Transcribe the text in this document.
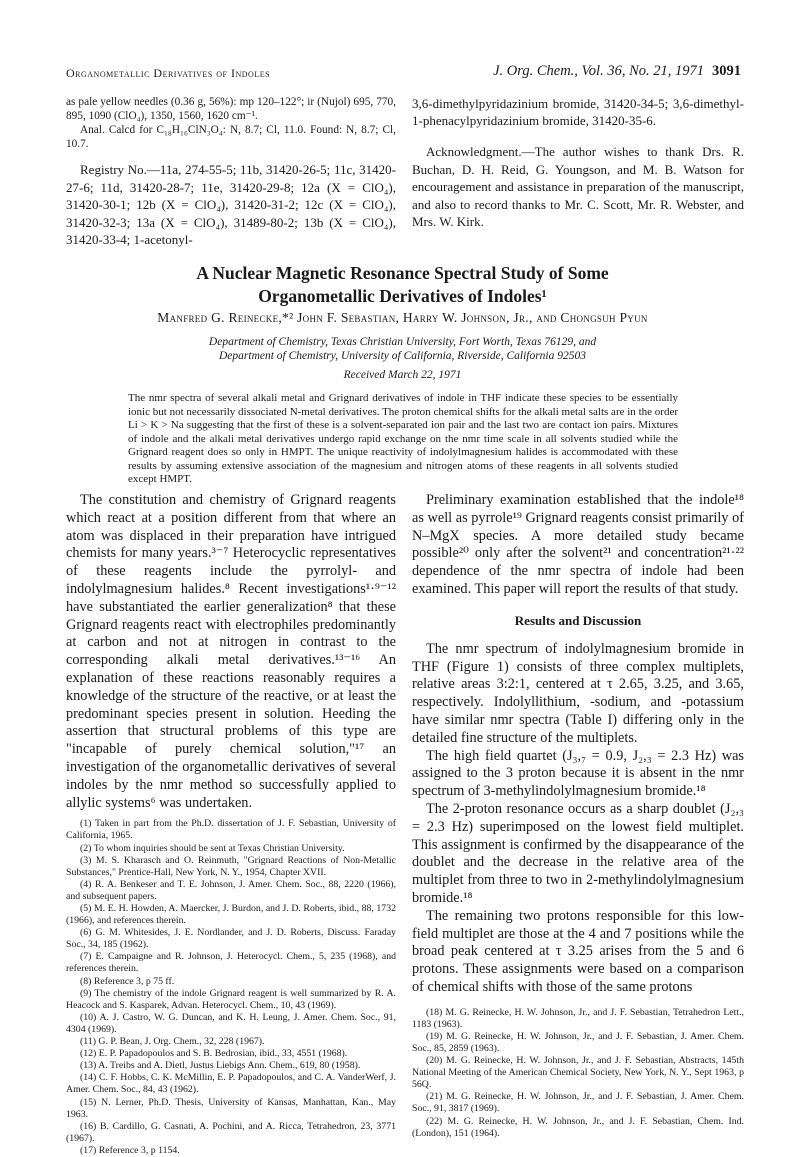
Organometallic Derivatives of Indoles	J. Org. Chem., Vol. 36, No. 21, 1971 3091

as pale yellow needles (0.36 g, 56%): mp 120–122°; ir (Nujol) 695, 770, 895, 1090 (ClO₄), 1350, 1560, 1620 cm⁻¹.

Anal. Calcd for C₁₈H₁₆ClN₃O₄: N, 8.7; Cl, 11.0. Found: N, 8.7; Cl, 10.7.

Registry No.—11a, 274-55-5; 11b, 31420-26-5; 11c, 31420-27-6; 11d, 31420-28-7; 11e, 31420-29-8; 12a (X = ClO₄), 31420-30-1; 12b (X = ClO₄), 31420-31-2; 12c (X = ClO₄), 31420-32-3; 13a (X = ClO₄), 31489-80-2; 13b (X = ClO₄), 31420-33-4; 1-acetonyl-

3,6-dimethylpyridazinium bromide, 31420-34-5; 3,6-dimethyl-1-phenacylpyridazinium bromide, 31420-35-6.

Acknowledgment.—The author wishes to thank Drs. R. Buchan, D. H. Reid, G. Youngson, and M. B. Watson for encouragement and assistance in preparation of the manuscript, and also to record thanks to Mr. C. Scott, Mr. R. Webster, and Mrs. W. Kirk.

A Nuclear Magnetic Resonance Spectral Study of Some
Organometallic Derivatives of Indoles¹
Manfred G. Reinecke,*² John F. Sebastian, Harry W. Johnson, Jr., and Chongsuh Pyun
Department of Chemistry, Texas Christian University, Fort Worth, Texas 76129, and
Department of Chemistry, University of California, Riverside, California 92503
Received March 22, 1971
The nmr spectra of several alkali metal and Grignard derivatives of indole in THF indicate these species to be essentially ionic but not necessarily dissociated N-metal derivatives. The proton chemical shifts for the alkali metal salts are in the order Li > K > Na suggesting that the first of these is a solvent-separated ion pair and the last two are contact ion pairs. Mixtures of indole and the alkali metal derivatives undergo rapid exchange on the nmr time scale in all solvents studied while the Grignard reagent does so only in HMPT. The unique reactivity of indolylmagnesium halides is accommodated with these results by assuming extensive association of the magnesium and nitrogen atoms of these reagents in all solvents studied except HMPT.

The constitution and chemistry of Grignard reagents which react at a position different from that where an atom was displaced in their preparation have intrigued chemists for many years.³⁻⁷ Heterocyclic representatives of these reagents include the pyrrolyl- and indolylmagnesium halides.⁸ Recent investigations¹·⁹⁻¹² have substantiated the earlier generalization⁸ that these Grignard reagents react with electrophiles predominantly at carbon and not at nitrogen in contrast to the corresponding alkali metal derivatives.¹³⁻¹⁶ An explanation of these reactions reasonably requires a knowledge of the structure of the reactive, or at least the predominant species present in solution. Heeding the assertion that structural problems of this type are "incapable of purely chemical solution,"¹⁷ an investigation of the organometallic derivatives of several indoles by the nmr method so successfully applied to allylic systems⁶ was undertaken.

(1) Taken in part from the Ph.D. dissertation of J. F. Sebastian, University of California, 1965.

(2) To whom inquiries should be sent at Texas Christian University.

(3) M. S. Kharasch and O. Reinmuth, "Grignard Reactions of Non-Metallic Substances," Prentice-Hall, New York, N. Y., 1954, Chapter XVII.

(4) R. A. Benkeser and T. E. Johnson, J. Amer. Chem. Soc., 88, 2220 (1966), and subsequent papers.

(5) M. E. H. Howden, A. Maercker, J. Burdon, and J. D. Roberts, ibid., 88, 1732 (1966), and references therein.

(6) G. M. Whitesides, J. E. Nordlander, and J. D. Roberts, Discuss. Faraday Soc., 34, 185 (1962).

(7) E. Campaigne and R. Johnson, J. Heterocycl. Chem., 5, 235 (1968), and references therein.

(8) Reference 3, p 75 ff.

(9) The chemistry of the indole Grignard reagent is well summarized by R. A. Heacock and S. Kasparek, Advan. Heterocycl. Chem., 10, 43 (1969).

(10) A. J. Castro, W. G. Duncan, and K. H. Leung, J. Amer. Chem. Soc., 91, 4304 (1969).

(11) G. P. Bean, J. Org. Chem., 32, 228 (1967).

(12) E. P. Papadopoulos and S. B. Bedrosian, ibid., 33, 4551 (1968).

(13) A. Treibs and A. Dietl, Justus Liebigs Ann. Chem., 619, 80 (1958).

(14) C. F. Hobbs, C. K. McMillin, E. P. Papadopoulos, and C. A. VanderWerf, J. Amer. Chem. Soc., 84, 43 (1962).

(15) N. Lerner, Ph.D. Thesis, University of Kansas, Manhattan, Kan., May 1963.

(16) B. Cardillo, G. Casnati, A. Pochini, and A. Ricca, Tetrahedron, 23, 3771 (1967).

(17) Reference 3, p 1154.

Preliminary examination established that the indole¹⁸ as well as pyrrole¹⁹ Grignard reagents consist primarily of N–MgX species. A more detailed study became possible²⁰ only after the solvent²¹ and concentration²¹·²² dependence of the nmr spectra of indole had been examined. This paper will report the results of that study.

Results and Discussion

The nmr spectrum of indolylmagnesium bromide in THF (Figure 1) consists of three complex multiplets, relative areas 3:2:1, centered at τ 2.65, 3.25, and 3.65, respectively. Indolyllithium, -sodium, and -potassium have similar nmr spectra (Table I) differing only in the detailed fine structure of the multiplets.

The high field quartet (J₃,₇ = 0.9, J₂,₃ = 2.3 Hz) was assigned to the 3 proton because it is absent in the nmr spectrum of 3-methylindolylmagnesium bromide.¹⁸

The 2-proton resonance occurs as a sharp doublet (J₂,₃ = 2.3 Hz) superimposed on the lowest field multiplet. This assignment is confirmed by the disappearance of the doublet and the decrease in the relative area of the multiplet from three to two in 2-methylindolylmagnesium bromide.¹⁸

The remaining two protons responsible for this low-field multiplet are those at the 4 and 7 positions while the broad peak centered at τ 3.25 arises from the 5 and 6 protons. These assignments were based on a comparison of chemical shifts with those of the same protons

(18) M. G. Reinecke, H. W. Johnson, Jr., and J. F. Sebastian, Tetrahedron Lett., 1183 (1963).

(19) M. G. Reinecke, H. W. Johnson, Jr., and J. F. Sebastian, J. Amer. Chem. Soc., 85, 2859 (1963).

(20) M. G. Reinecke, H. W. Johnson, Jr., and J. F. Sebastian, Abstracts, 145th National Meeting of the American Chemical Society, New York, N. Y., Sept 1963, p 56Q.

(21) M. G. Reinecke, H. W. Johnson, Jr., and J. F. Sebastian, J. Amer. Chem. Soc., 91, 3817 (1969).

(22) M. G. Reinecke, H. W. Johnson, Jr., and J. F. Sebastian, Chem. Ind. (London), 151 (1964).
